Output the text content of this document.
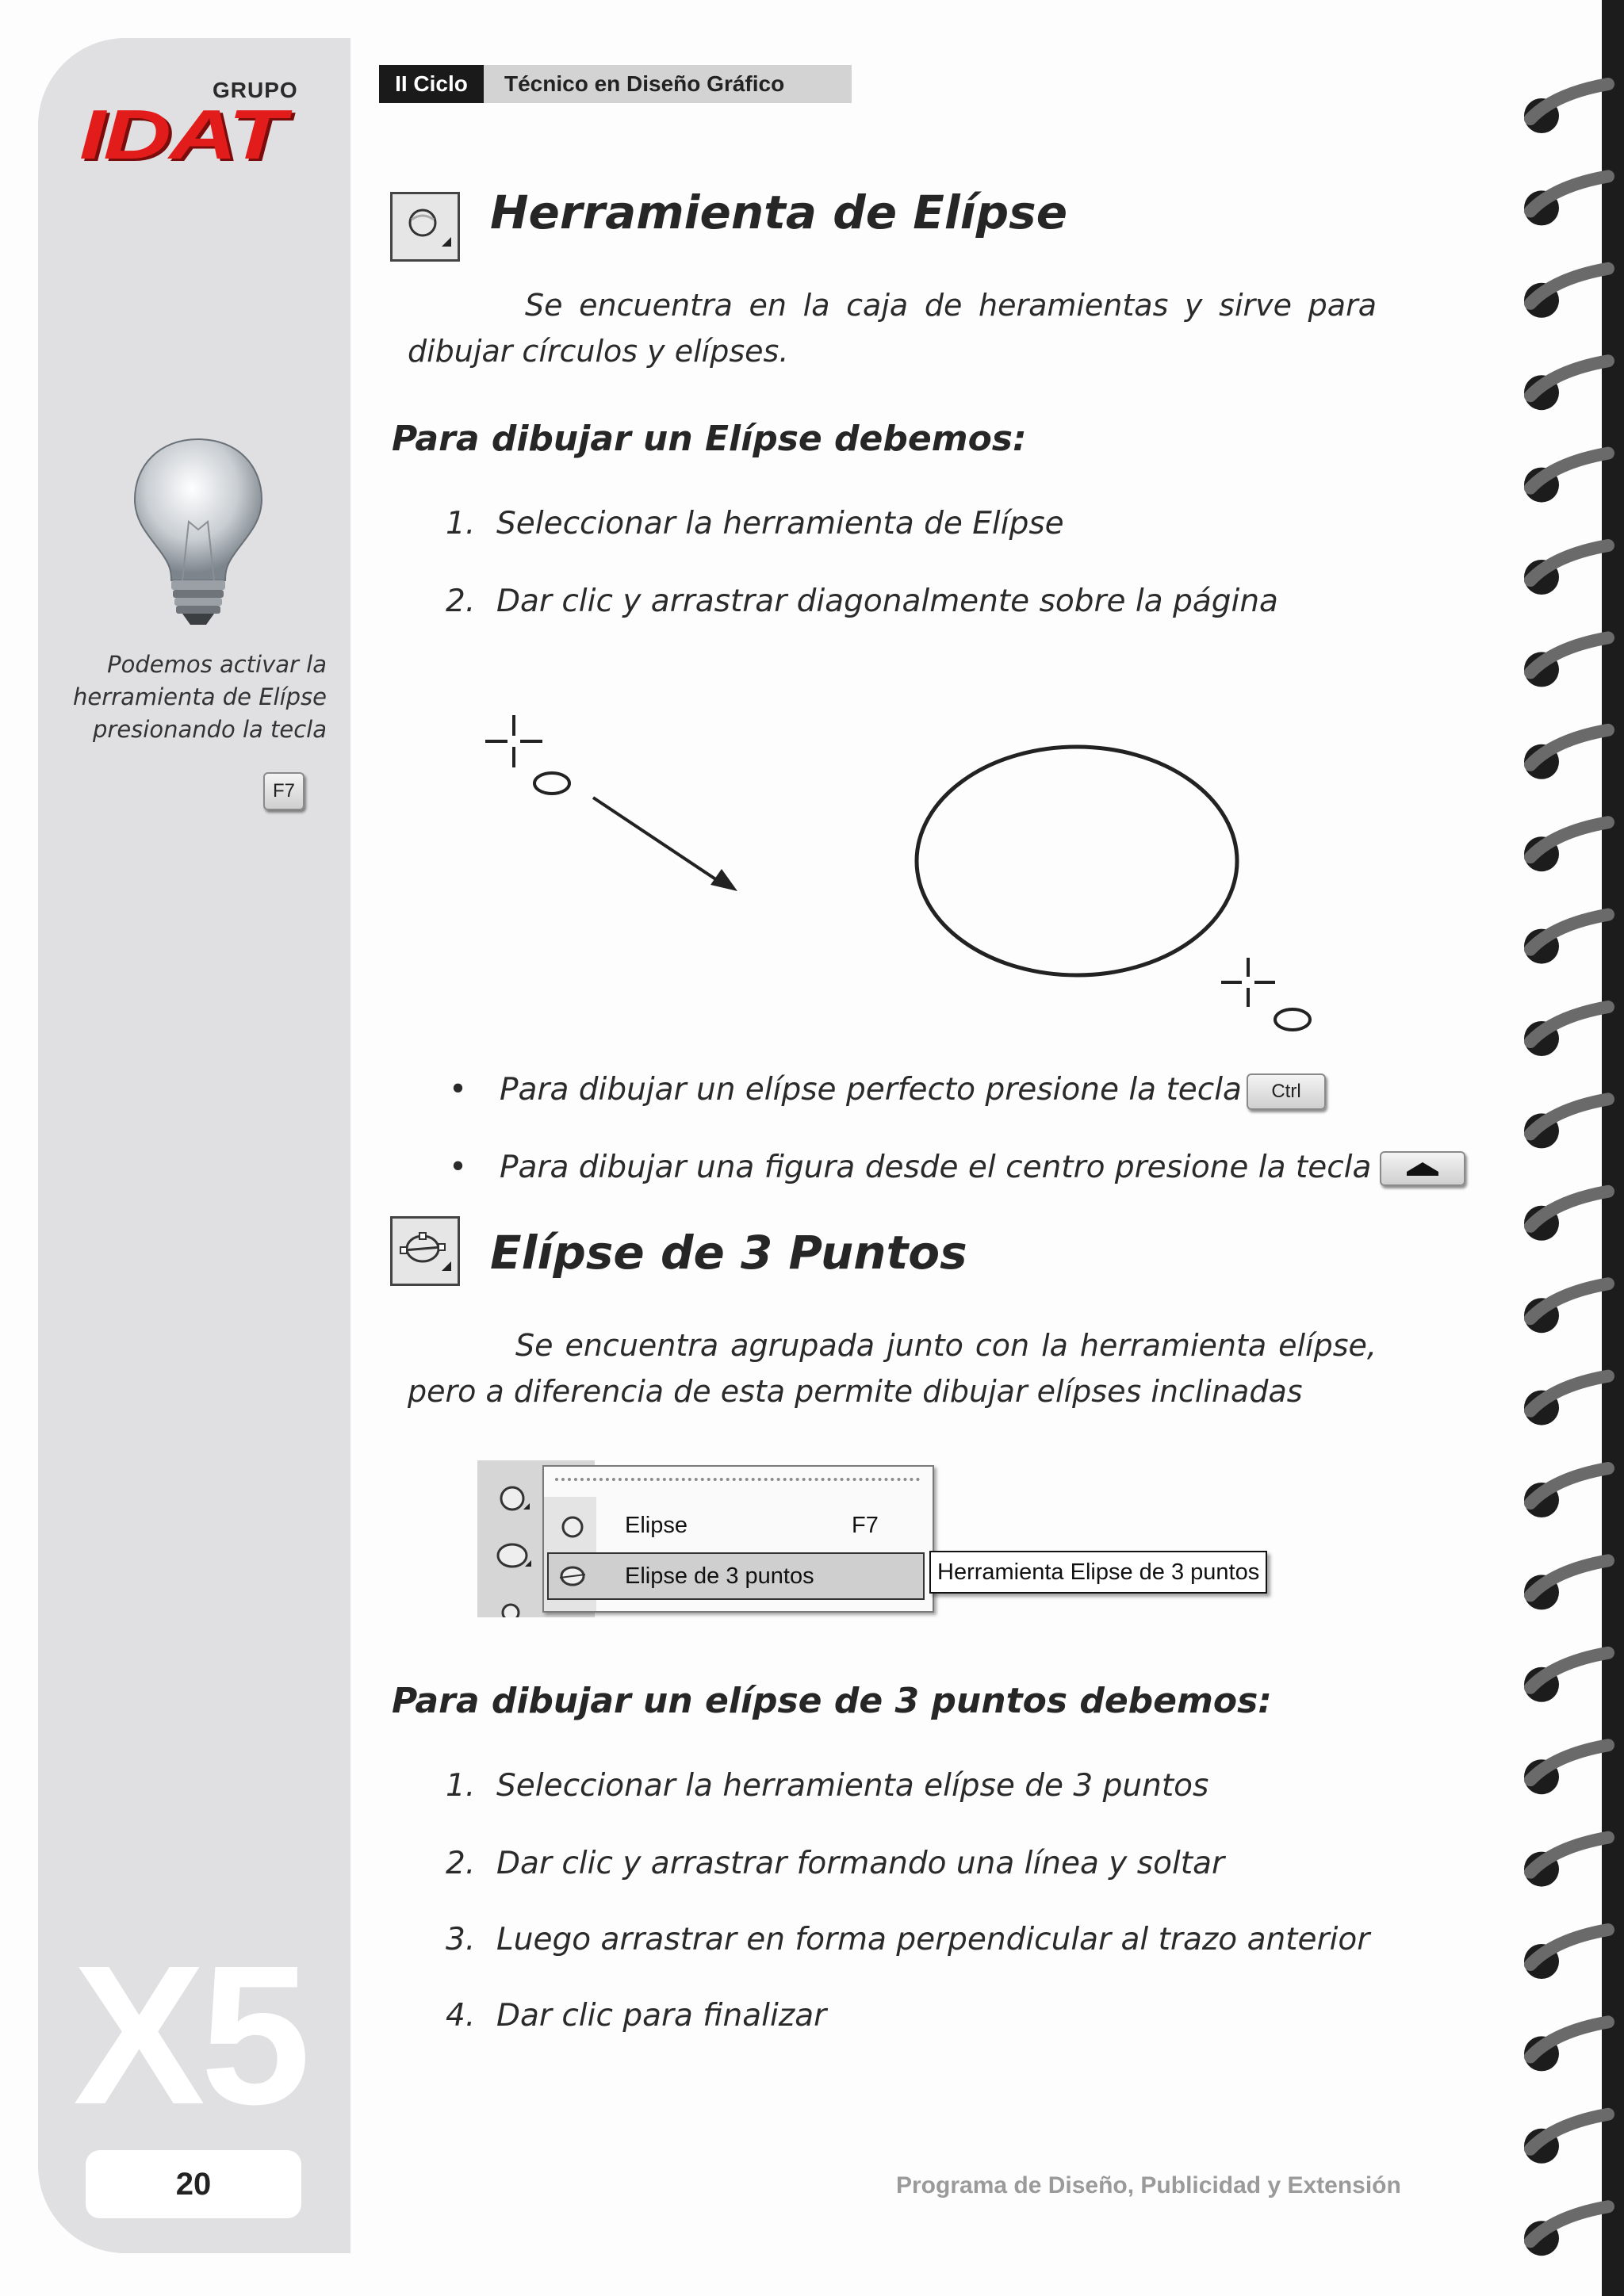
GRUPO
IDAT
Podemos activar la
herramienta de Elípse
presionando la tecla
F7
X5
20
II Ciclo	Técnico en Diseño Gráfico
Herramienta de Elípse
Se encuentra en la caja de heramientas y sirve para
dibujar círculos y elípses.
Para dibujar un Elípse debemos:
1. Seleccionar la herramienta de Elípse
2. Dar clic y arrastrar diagonalmente sobre la página
• Para dibujar un elípse perfecto presione la tecla	Ctrl
• Para dibujar una figura desde el centro presione la tecla
Elípse de 3 Puntos
Se encuentra agrupada junto con la herramienta elípse,
pero a diferencia de esta permite dibujar elípses inclinadas
Elipse	F7
Elipse de 3 puntos	Herramienta Elipse de 3 puntos
Para dibujar un elípse de 3 puntos debemos:
1. Seleccionar la herramienta elípse de 3 puntos
2. Dar clic y arrastrar formando una línea y soltar
3. Luego arrastrar en forma perpendicular al trazo anterior
4. Dar clic para finalizar
Programa de Diseño, Publicidad y Extensión
